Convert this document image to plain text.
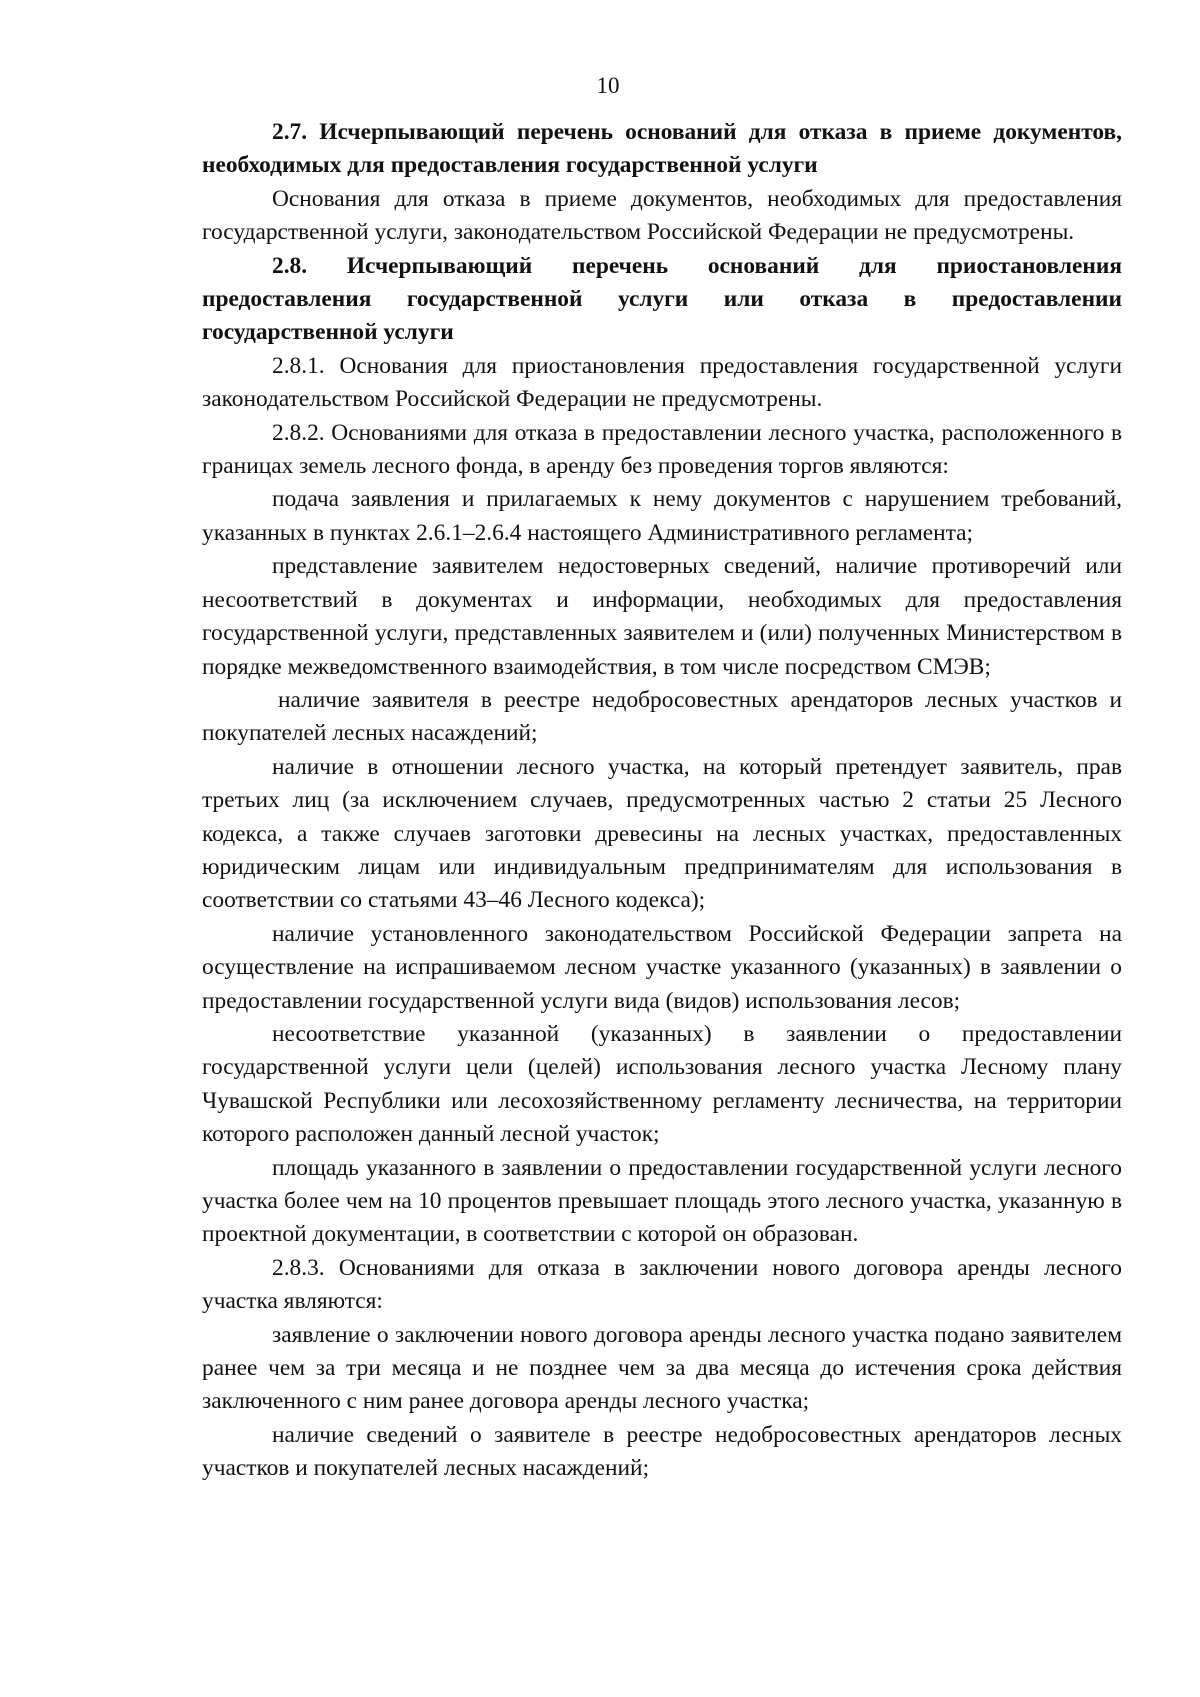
10

2.7. Исчерпывающий перечень оснований для отказа в приеме документов, необходимых для предоставления государственной услуги

Основания для отказа в приеме документов, необходимых для предоставления государственной услуги, законодательством Российской Федерации не предусмотрены.

2.8. Исчерпывающий перечень оснований для приостановления предоставления государственной услуги или отказа в предоставлении государственной услуги

2.8.1. Основания для приостановления предоставления государственной услуги законодательством Российской Федерации не предусмотрены.

2.8.2. Основаниями для отказа в предоставлении лесного участка, расположенного в границах земель лесного фонда, в аренду без проведения торгов являются:

подача заявления и прилагаемых к нему документов с нарушением требований, указанных в пунктах 2.6.1–2.6.4 настоящего Административного регламента;

представление заявителем недостоверных сведений, наличие противоречий или несоответствий в документах и информации, необходимых для предоставления государственной услуги, представленных заявителем и (или) полученных Министерством в порядке межведомственного взаимодействия, в том числе посредством СМЭВ;

наличие заявителя в реестре недобросовестных арендаторов лесных участков и покупателей лесных насаждений;

наличие в отношении лесного участка, на который претендует заявитель, прав третьих лиц (за исключением случаев, предусмотренных частью 2 статьи 25 Лесного кодекса, а также случаев заготовки древесины на лесных участках, предоставленных юридическим лицам или индивидуальным предпринимателям для использования в соответствии со статьями 43–46 Лесного кодекса);

наличие установленного законодательством Российской Федерации запрета на осуществление на испрашиваемом лесном участке указанного (указанных) в заявлении о предоставлении государственной услуги вида (видов) использования лесов;

несоответствие указанной (указанных) в заявлении о предоставлении государственной услуги цели (целей) использования лесного участка Лесному плану Чувашской Республики или лесохозяйственному регламенту лесничества, на территории которого расположен данный лесной участок;

площадь указанного в заявлении о предоставлении государственной услуги лесного участка более чем на 10 процентов превышает площадь этого лесного участка, указанную в проектной документации, в соответствии с которой он образован.

2.8.3. Основаниями для отказа в заключении нового договора аренды лесного участка являются:

заявление о заключении нового договора аренды лесного участка подано заявителем ранее чем за три месяца и не позднее чем за два месяца до истечения срока действия заключенного с ним ранее договора аренды лесного участка;

наличие сведений о заявителе в реестре недобросовестных арендаторов лесных участков и покупателей лесных насаждений;
